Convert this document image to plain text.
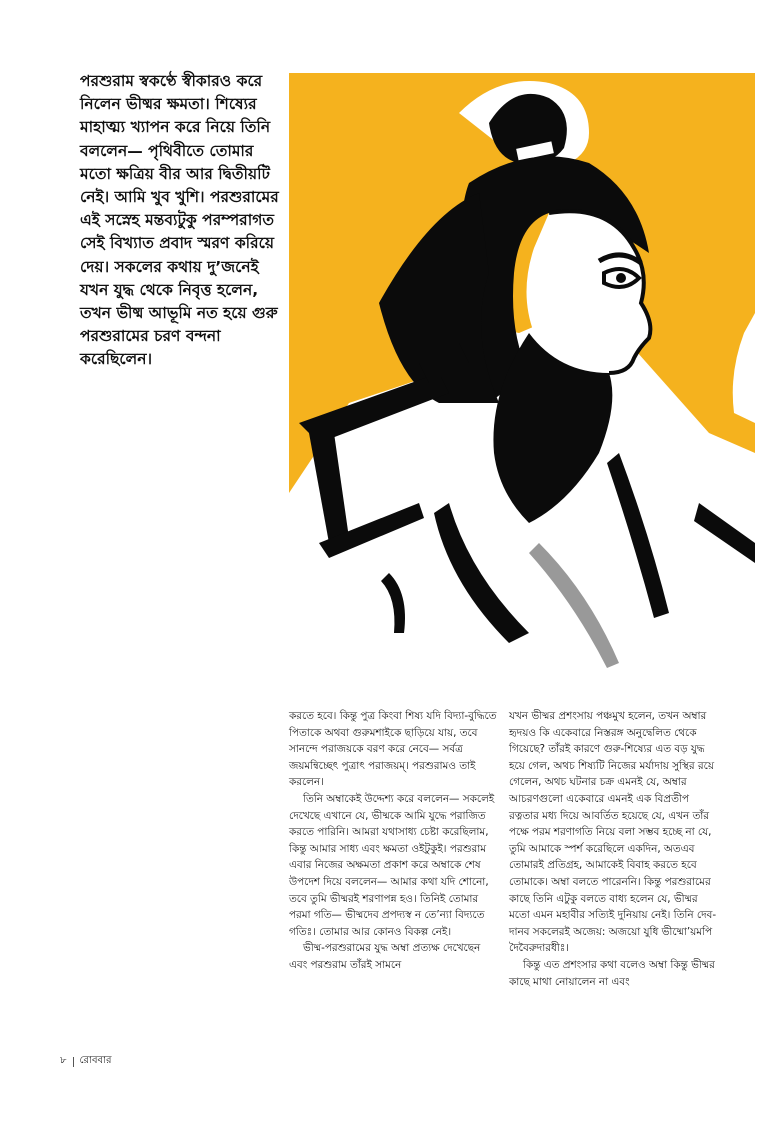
পরশুরাম স্বকণ্ঠে স্বীকারও করে নিলেন ভীষ্মর ক্ষমতা। শিষ্যের মাহাত্ম্য খ্যাপন করে নিয়ে তিনি বললেন— পৃথিবীতে তোমার মতো ক্ষত্রিয় বীর আর দ্বিতীয়টি নেই। আমি খুব খুশি। পরশুরামের এই সস্নেহ মন্তব্যটুকু পরম্পরাগত সেই বিখ্যাত প্রবাদ স্মরণ করিয়ে দেয়। সকলের কথায় দু’জনেই যখন যুদ্ধ থেকে নিবৃত্ত হলেন, তখন ভীষ্ম আভূমি নত হয়ে গুরু পরশুরামের চরণ বন্দনা করেছিলেন।

করতে হবে। কিন্তু পুত্র কিংবা শিষ্য যদি বিদ্যা-বুদ্ধিতে পিতাকে অথবা গুরুমশাইকে ছাড়িয়ে যায়, তবে সানন্দে পরাজয়কে বরণ করে নেবে— সর্বত্র জয়মন্বিচ্ছেৎ পুত্রাৎ পরাজয়ম্। পরশুরামও তাই করলেন।

তিনি অম্বাকেই উদ্দেশ্য করে বললেন— সকলেই দেখেছে এখানে যে, ভীষ্মকে আমি যুদ্ধে পরাজিত করতে পারিনি। আমরা যথাসাধ্য চেষ্টা করেছিলাম, কিন্তু আমার সাধ্য এবং ক্ষমতা ওইটুকুই। পরশুরাম এবার নিজের অক্ষমতা প্রকাশ করে অম্বাকে শেষ উপদেশ দিয়ে বললেন— আমার কথা যদি শোনো, তবে তুমি ভীষ্মরই শরণাপন্ন হও। তিনিই তোমার পরমা গতি— ভীষ্মদেব প্রপদ্যস্ব ন তে’ন্যা বিদ্যতে গতিঃ। তোমার আর কোনও বিকল্প নেই।

ভীষ্ম-পরশুরামের যুদ্ধ অম্বা প্রত্যক্ষ দেখেছেন এবং পরশুরাম তাঁরই সামনে

যখন ভীষ্মর প্রশংসায় পঞ্চমুখ হলেন, তখন অম্বার হৃদয়ও কি একেবারে নিস্তরঙ্গ অনুদ্বেলিত থেকে গিয়েছে? তাঁরই কারণে গুরু-শিষ্যের এত বড় যুদ্ধ হয়ে গেল, অথচ শিষ্যটি নিজের মর্যাদায় সুস্থির রয়ে গেলেন, অথচ ঘটনার চক্র এমনই যে, অম্বার আচরণগুলো একেবারে এমনই এক বিপ্রতীপ রত্নতার মধ্য দিয়ে আবর্তিত হয়েছে যে, এখন তাঁর পক্ষে পরম শরণাগতি নিয়ে বলা সম্ভব হচ্ছে না যে, তুমি আমাকে স্পর্শ করেছিলে একদিন, অতএব তোমারই প্রতিগ্রহ, আমাকেই বিবাহ করতে হবে তোমাকে। অম্বা বলতে পারেননি। কিন্তু পরশুরামের কাছে তিনি এটুকু বলতে বাধ্য হলেন যে, ভীষ্মর মতো এমন মহাবীর সত্যিই দুনিয়ায় নেই। তিনি দেব-দানব সকলেরই অজেয়: অজয়ো যুধি ভীষ্মো’য়মপি দৈবৈরুদারধীঃ।

কিন্তু এত প্রশংসার কথা বলেও অম্বা কিন্তু ভীষ্মর কাছে মাথা নোয়ালেন না এবং

৮ রোববার
